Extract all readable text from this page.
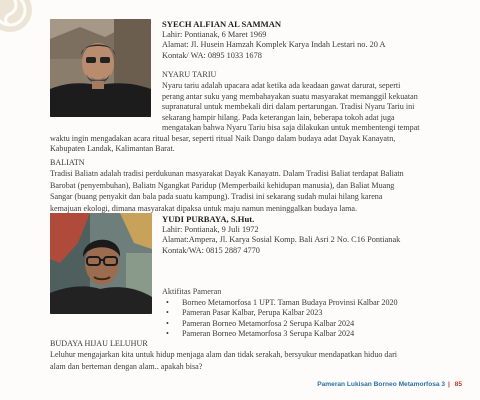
SYECH ALFIAN AL SAMMAN
Lahir: Pontianak, 6 Maret 1969
Alamat: Jl. Husein Hamzah Komplek Karya Indah Lestari no. 20 A
Kontak/ WA: 0895 1033 1678
NYARU TARIU
Nyaru tariu adalah upacara adat ketika ada keadaan gawat darurat, seperti
perang antar suku yang membahayakan suatu masyarakat memanggil kekuatan
supranatural untuk membekali diri dalam pertarungan. Tradisi Nyaru Tariu ini
sekarang hampir hilang. Pada keterangan lain, beberapa tokoh adat juga
mengatakan bahwa Nyaru Tariu bisa saja dilakukan untuk membentengi tempat
waktu ingin mengadakan acara ritual besar, seperti ritual Naik Dango dalam budaya adat Dayak Kanayatn,
Kabupaten Landak, Kalimantan Barat.
BALIATN
Tradisi Baliatn adalah tradisi perdukunan masyarakat Dayak Kanayatn. Dalam Tradisi Baliat terdapat Baliatn
Barobat (penyembuhan), Baliatn Ngangkat Paridup (Memperbaiki kehidupan manusia), dan Baliat Muang
Sangar (buang penyakit dan bala pada suatu kampung). Tradisi ini sekarang sudah mulai hilang karena
kemajuan ekologi, dimana masyarakat dipaksa untuk maju namun meninggalkan budaya lama.
YUDI PURBAYA, S.Hut.
Lahir: Pontianak, 9 Juli 1972
Alamat:Ampera, Jl. Karya Sosial Komp. Bali Asri 2 No. C16 Pontianak
Kontak/WA: 0815 2887 4770
Aktifitas Pameran
• Borneo Metamorfosa 1 UPT. Taman Budaya Provinsi Kalbar 2020
• Pameran Pasar Kalbar, Perupa Kalbar 2023
• Pameran Borneo Metamorfosa 2 Serupa Kalbar 2024
• Pameran Borneo Metamorfosa 3 Serupa Kalbar 2024
BUDAYA HIJAU LELUHUR
Leluhur mengajarkan kita untuk hidup menjaga alam dan tidak serakah, bersyukur mendapatkan hiduo dari
alam dan berteman dengan alam.. apakah bisa?
Pameran Lukisan Borneo Metamorfosa 3 | 85
